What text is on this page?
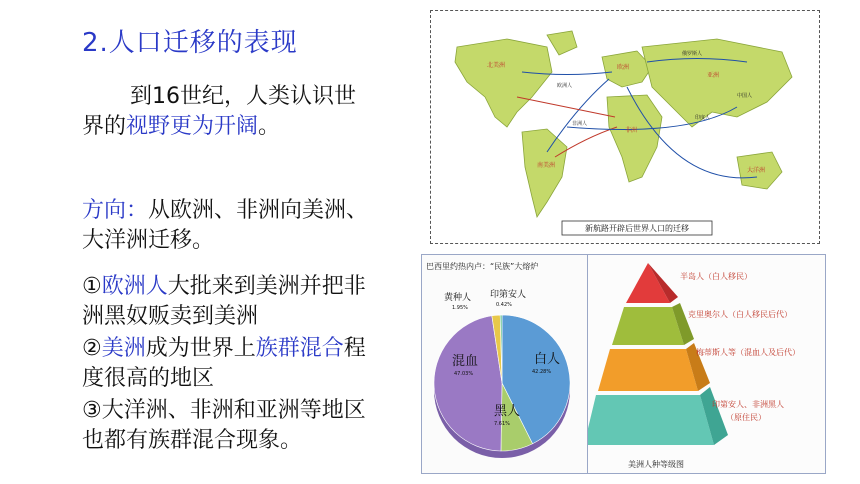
2.人口迁移的表现
到16世纪，人类认识世
界的视野更为开阔。
方向：从欧洲、非洲向美洲、
大洋洲迁移。
①欧洲人大批来到美洲并把非
洲黑奴贩卖到美洲
②美洲成为世界上族群混合程
度很高的地区
③大洋洲、非洲和亚洲等地区
也都有族群混合现象。
北美洲
南美洲
欧洲
亚洲
非洲
大洋洲
俄罗斯人
欧洲人
非洲人
印度人
中国人
新航路开辟后世界人口的迁移
巴西里约热内卢：“民族”大熔炉
白人
42.28%
黑人
7.61%
混血
47.03%
黄种人
1.95%
印第安人
0.42%
半岛人（白人移民）
克里奥尔人（白人移民后代）
梅蒂斯人等（混血人及后代）
印第安人、非洲黑人
（原住民）
美洲人种等级图
